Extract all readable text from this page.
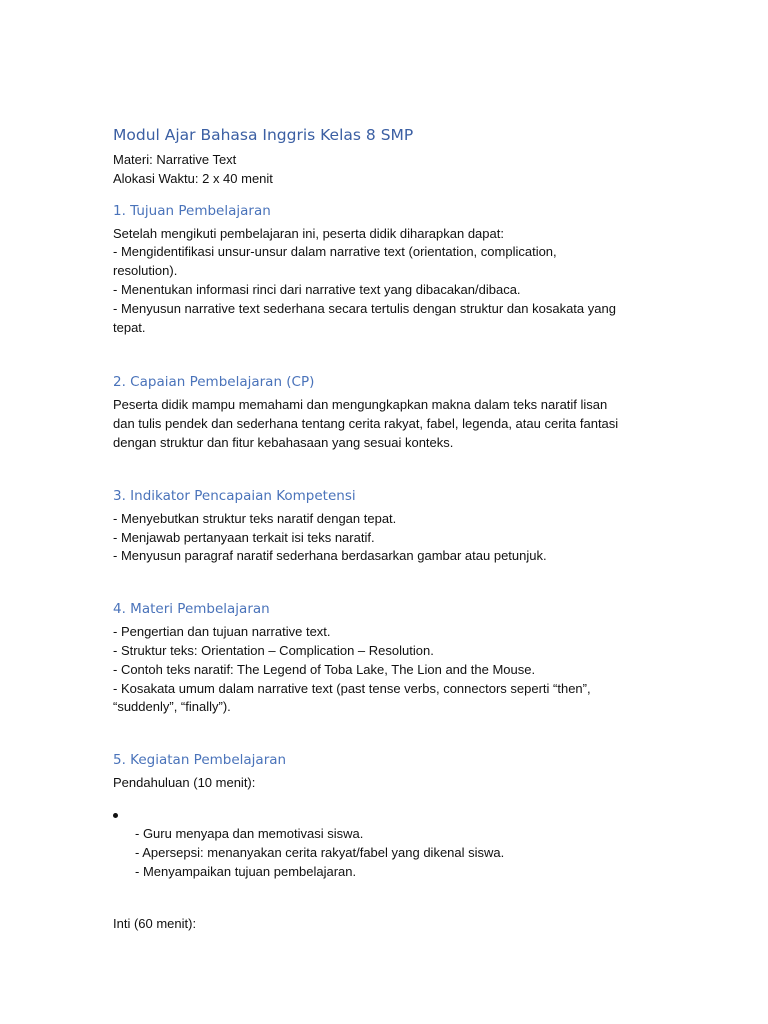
Modul Ajar Bahasa Inggris Kelas 8 SMP

Materi: Narrative Text

Alokasi Waktu: 2 x 40 menit

1. Tujuan Pembelajaran

Setelah mengikuti pembelajaran ini, peserta didik diharapkan dapat:

- Mengidentifikasi unsur-unsur dalam narrative text (orientation, complication,

resolution).

- Menentukan informasi rinci dari narrative text yang dibacakan/dibaca.

- Menyusun narrative text sederhana secara tertulis dengan struktur dan kosakata yang

tepat.

2. Capaian Pembelajaran (CP)

Peserta didik mampu memahami dan mengungkapkan makna dalam teks naratif lisan

dan tulis pendek dan sederhana tentang cerita rakyat, fabel, legenda, atau cerita fantasi

dengan struktur dan fitur kebahasaan yang sesuai konteks.

3. Indikator Pencapaian Kompetensi

- Menyebutkan struktur teks naratif dengan tepat.

- Menjawab pertanyaan terkait isi teks naratif.

- Menyusun paragraf naratif sederhana berdasarkan gambar atau petunjuk.

4. Materi Pembelajaran

- Pengertian dan tujuan narrative text.

- Struktur teks: Orientation – Complication – Resolution.

- Contoh teks naratif: The Legend of Toba Lake, The Lion and the Mouse.

- Kosakata umum dalam narrative text (past tense verbs, connectors seperti “then”,

“suddenly”, “finally”).

5. Kegiatan Pembelajaran

Pendahuluan (10 menit):

- Guru menyapa dan memotivasi siswa.

- Apersepsi: menanyakan cerita rakyat/fabel yang dikenal siswa.

- Menyampaikan tujuan pembelajaran.

Inti (60 menit):
